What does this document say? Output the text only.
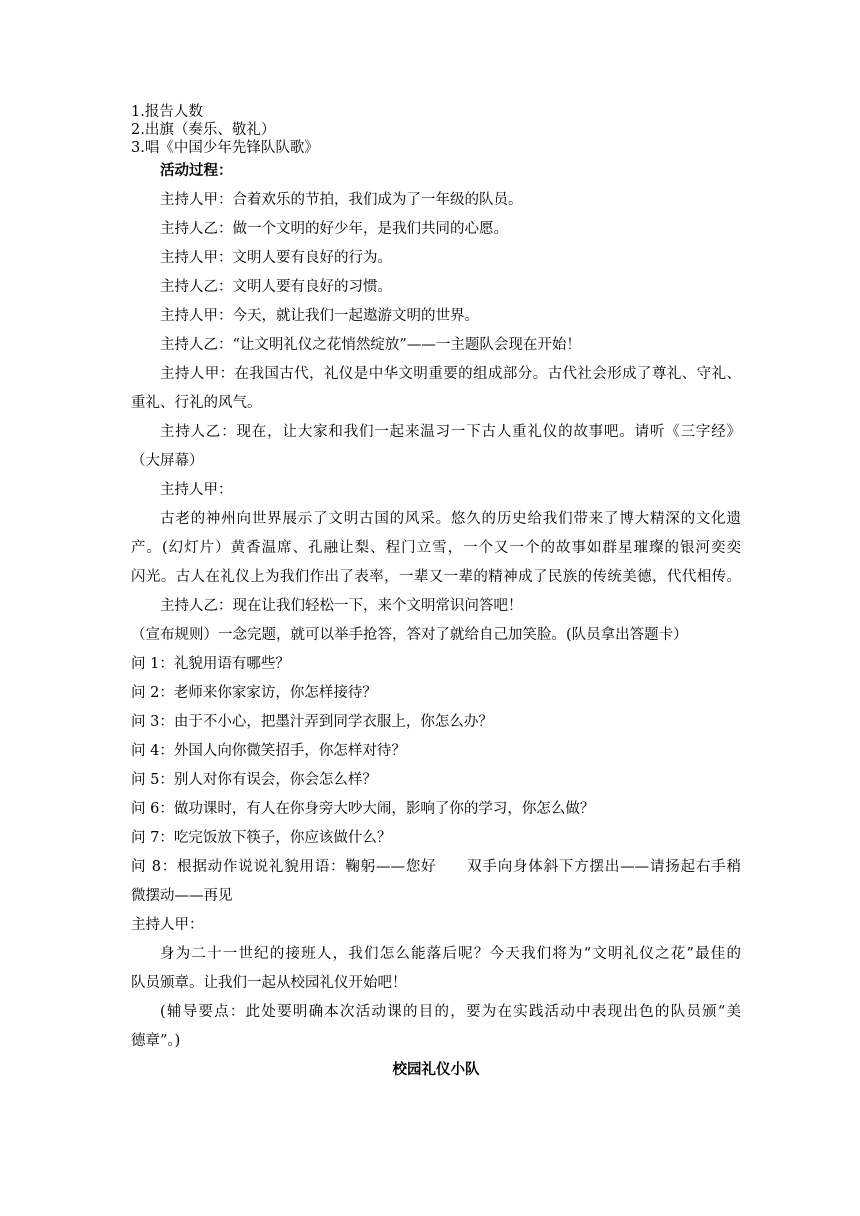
1.报告人数
2.出旗（奏乐、敬礼）
3.唱《中国少年先锋队队歌》
活动过程：
主持人甲：合着欢乐的节拍，我们成为了一年级的队员。
主持人乙：做一个文明的好少年，是我们共同的心愿。
主持人甲：文明人要有良好的行为。
主持人乙：文明人要有良好的习惯。
主持人甲：今天，就让我们一起遨游文明的世界。
主持人乙：“让文明礼仪之花悄然绽放”——一主题队会现在开始！
主持人甲：在我国古代，礼仪是中华文明重要的组成部分。古代社会形成了尊礼、守礼、
重礼、行礼的风气。
主持人乙：现在，让大家和我们一起来温习一下古人重礼仪的故事吧。请听《三字经》
（大屏幕）
主持人甲：
古老的神州向世界展示了文明古国的风采。悠久的历史给我们带来了博大精深的文化遗
产。(幻灯片）黄香温席、孔融让梨、程门立雪，一个又一个的故事如群星璀璨的银河奕奕
闪光。古人在礼仪上为我们作出了表率，一辈又一辈的精神成了民族的传统美德，代代相传。
主持人乙：现在让我们轻松一下，来个文明常识问答吧！
（宣布规则）一念完题，就可以举手抢答，答对了就给自己加笑脸。(队员拿出答题卡）
问 1：礼貌用语有哪些？
问 2：老师来你家家访，你怎样接待？
问 3：由于不小心，把墨汁弄到同学衣服上，你怎么办？
问 4：外国人向你微笑招手，你怎样对待？
问 5：别人对你有误会，你会怎么样？
问 6：做功课时，有人在你身旁大吵大闹，影响了你的学习，你怎么做？
问 7：吃完饭放下筷子，你应该做什么？
问 8：根据动作说说礼貌用语：鞠躬——您好　　双手向身体斜下方摆出——请扬起右手稍
微摆动——再见
主持人甲：
身为二十一世纪的接班人，我们怎么能落后呢？今天我们将为“文明礼仪之花”最佳的
队员颁章。让我们一起从校园礼仪开始吧！
(辅导要点：此处要明确本次活动课的目的，要为在实践活动中表现出色的队员颁“美
德章”。)
校园礼仪小队
